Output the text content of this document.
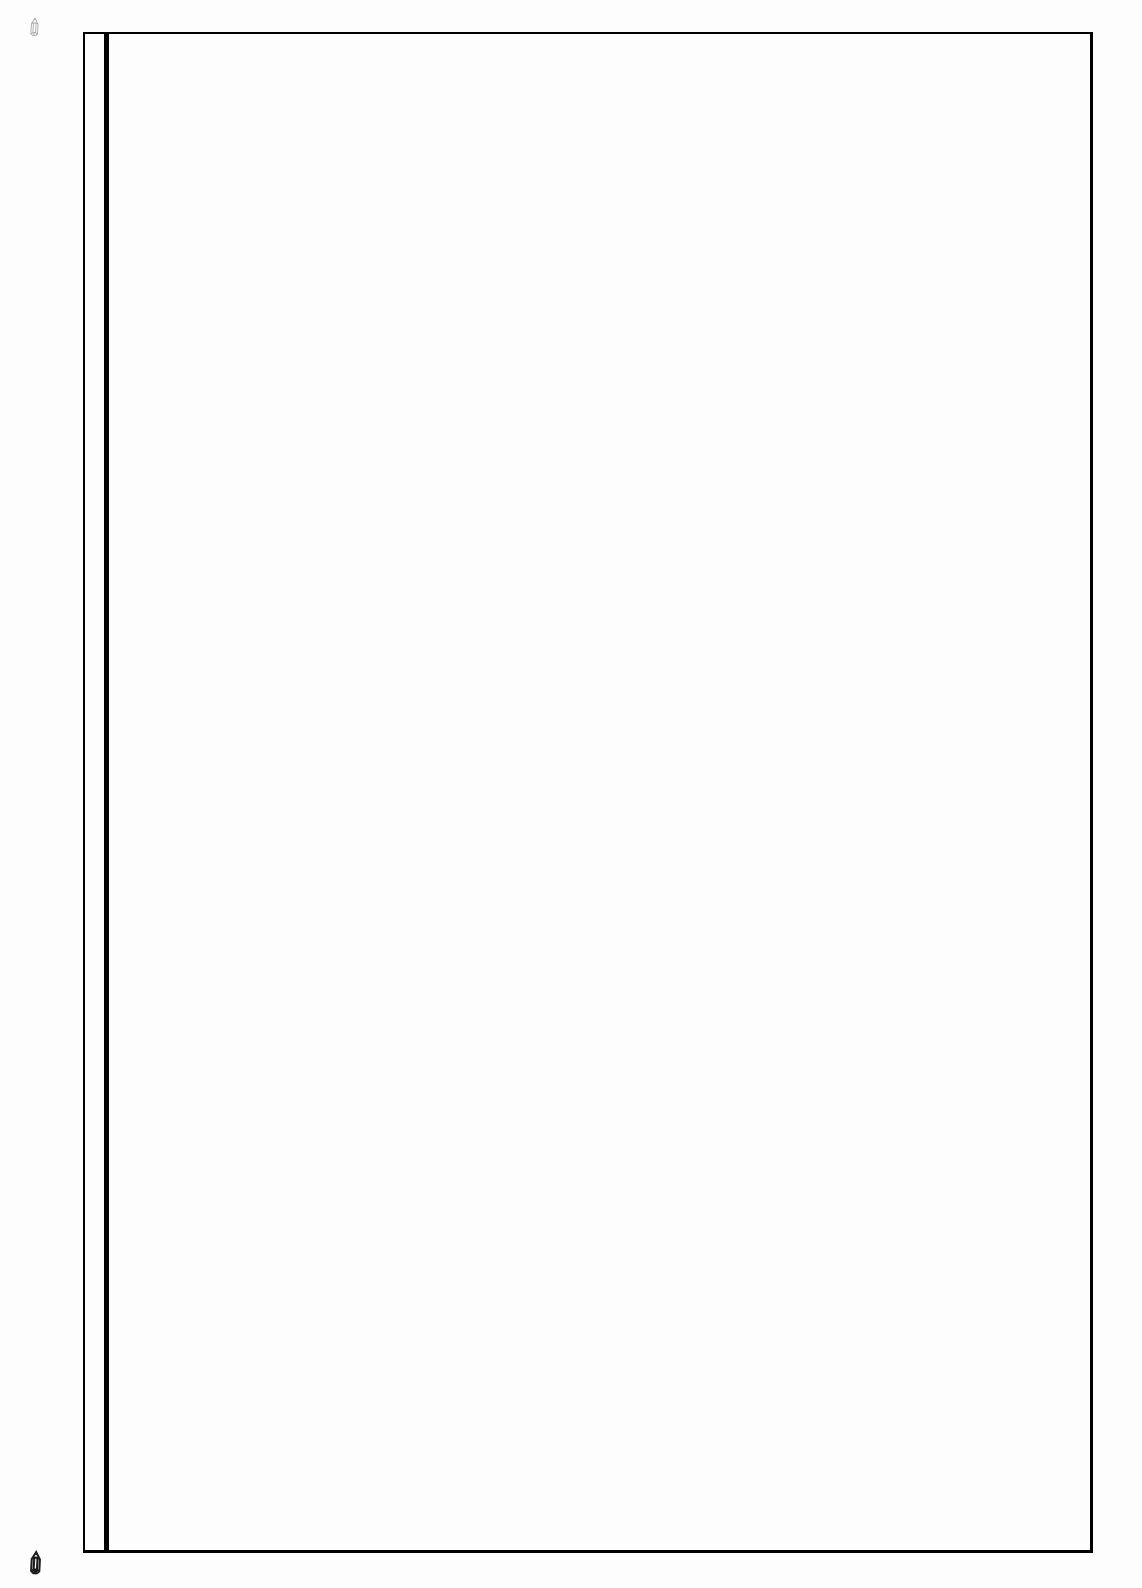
✎
✎
